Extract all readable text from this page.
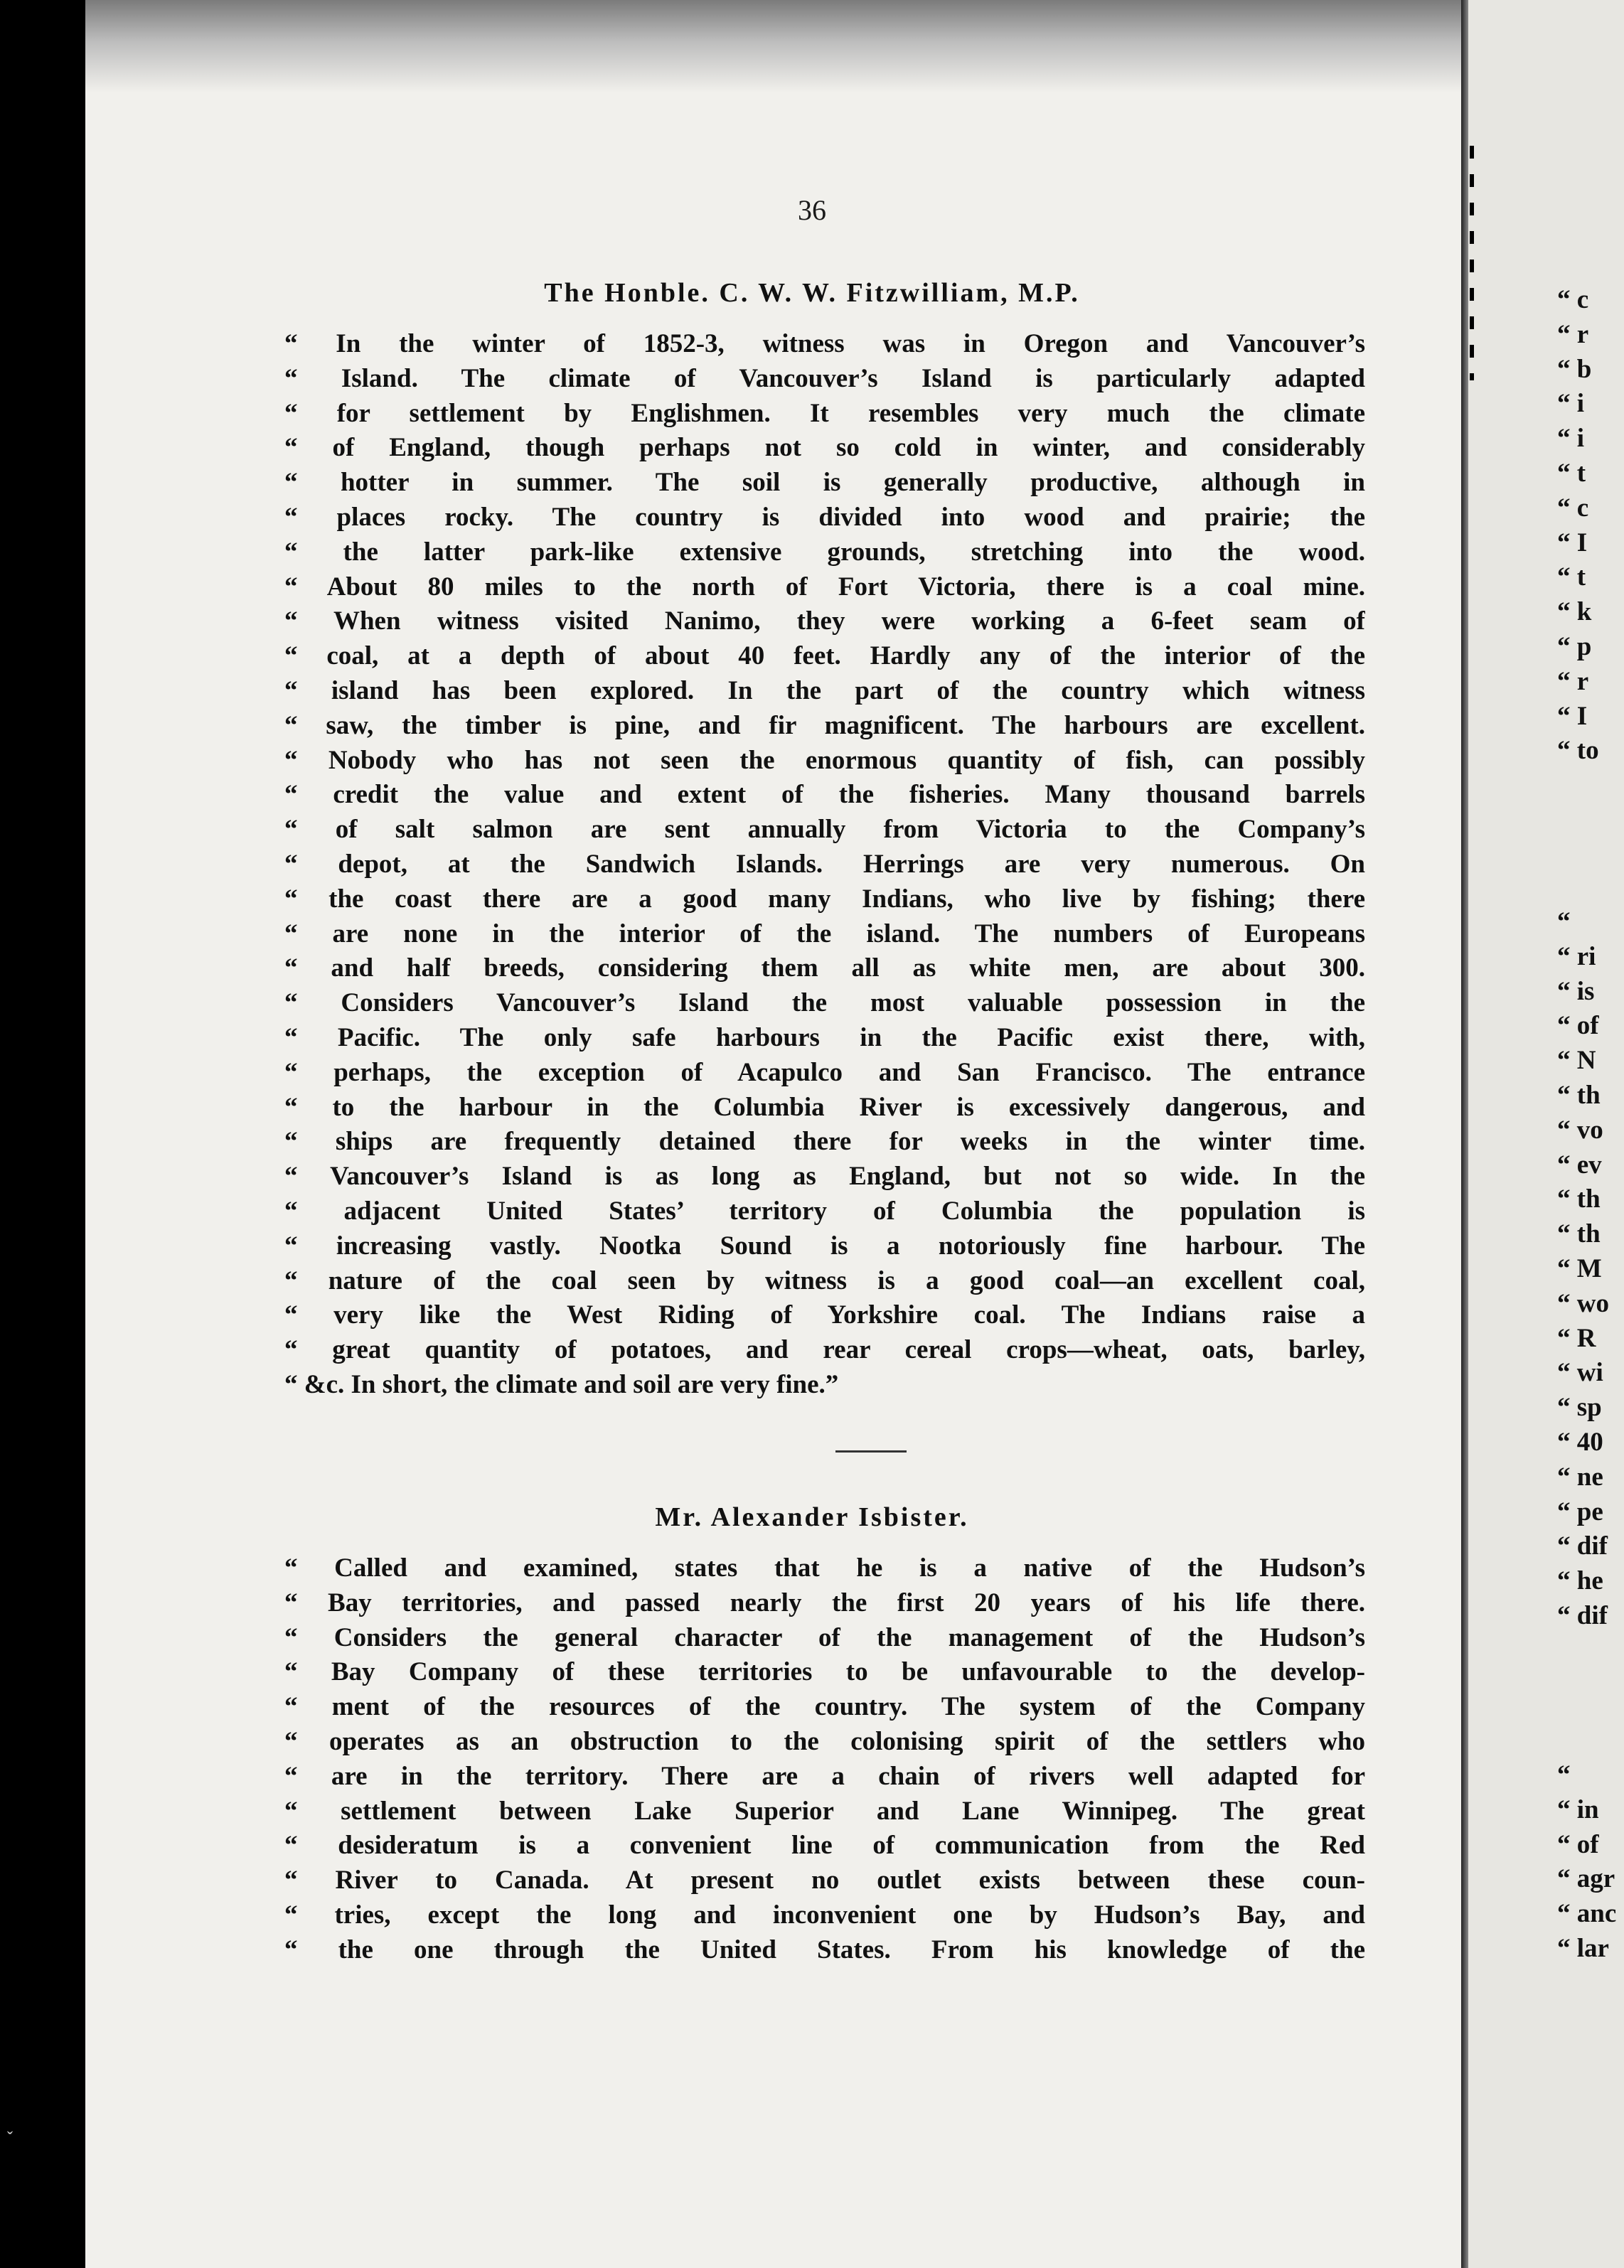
ˇ
36
The Honble. C. W. W. Fitzwilliam, M.P.
“ In the winter of 1852-3, witness was in Oregon and Vancouver’s
“ Island. The climate of Vancouver’s Island is particularly adapted
“ for settlement by Englishmen. It resembles very much the climate
“ of England, though perhaps not so cold in winter, and considerably
“ hotter in summer. The soil is generally productive, although in
“ places rocky. The country is divided into wood and prairie; the
“ the latter park-like extensive grounds, stretching into the wood.
“ About 80 miles to the north of Fort Victoria, there is a coal mine.
“ When witness visited Nanimo, they were working a 6-feet seam of
“ coal, at a depth of about 40 feet. Hardly any of the interior of the
“ island has been explored. In the part of the country which witness
“ saw, the timber is pine, and fir magnificent. The harbours are excellent.
“ Nobody who has not seen the enormous quantity of fish, can possibly
“ credit the value and extent of the fisheries. Many thousand barrels
“ of salt salmon are sent annually from Victoria to the Company’s
“ depot, at the Sandwich Islands. Herrings are very numerous. On
“ the coast there are a good many Indians, who live by fishing; there
“ are none in the interior of the island. The numbers of Europeans
“ and half breeds, considering them all as white men, are about 300.
“ Considers Vancouver’s Island the most valuable possession in the
“ Pacific. The only safe harbours in the Pacific exist there, with,
“ perhaps, the exception of Acapulco and San Francisco. The entrance
“ to the harbour in the Columbia River is excessively dangerous, and
“ ships are frequently detained there for weeks in the winter time.
“ Vancouver’s Island is as long as England, but not so wide. In the
“ adjacent United States’ territory of Columbia the population is
“ increasing vastly. Nootka Sound is a notoriously fine harbour. The
“ nature of the coal seen by witness is a good coal—an excellent coal,
“ very like the West Riding of Yorkshire coal. The Indians raise a
“ great quantity of potatoes, and rear cereal crops—wheat, oats, barley,
“ &c. In short, the climate and soil are very fine.”
Mr. Alexander Isbister.
“ Called and examined, states that he is a native of the Hudson’s
“ Bay territories, and passed nearly the first 20 years of his life there.
“ Considers the general character of the management of the Hudson’s
“ Bay Company of these territories to be unfavourable to the develop-
“ ment of the resources of the country. The system of the Company
“ operates as an obstruction to the colonising spirit of the settlers who
“ are in the territory. There are a chain of rivers well adapted for
“ settlement between Lake Superior and Lane Winnipeg. The great
“ desideratum is a convenient line of communication from the Red
“ River to Canada. At present no outlet exists between these coun-
“ tries, except the long and inconvenient one by Hudson’s Bay, and
“ the one through the United States. From his knowledge of the
“ c
“ r
“ b
“ i
“ i
“ t
“ c
“ I
“ t
“ k
“ p
“ r
“ I
“ to
“
“ ri
“ is
“ of
“ N
“ th
“ vo
“ ev
“ th
“ th
“ M
“ wo
“ R
“ wi
“ sp
“ 40
“ ne
“ pe
“ dif
“ he
“ dif
“
“ in
“ of
“ agr
“ anc
“ lar
